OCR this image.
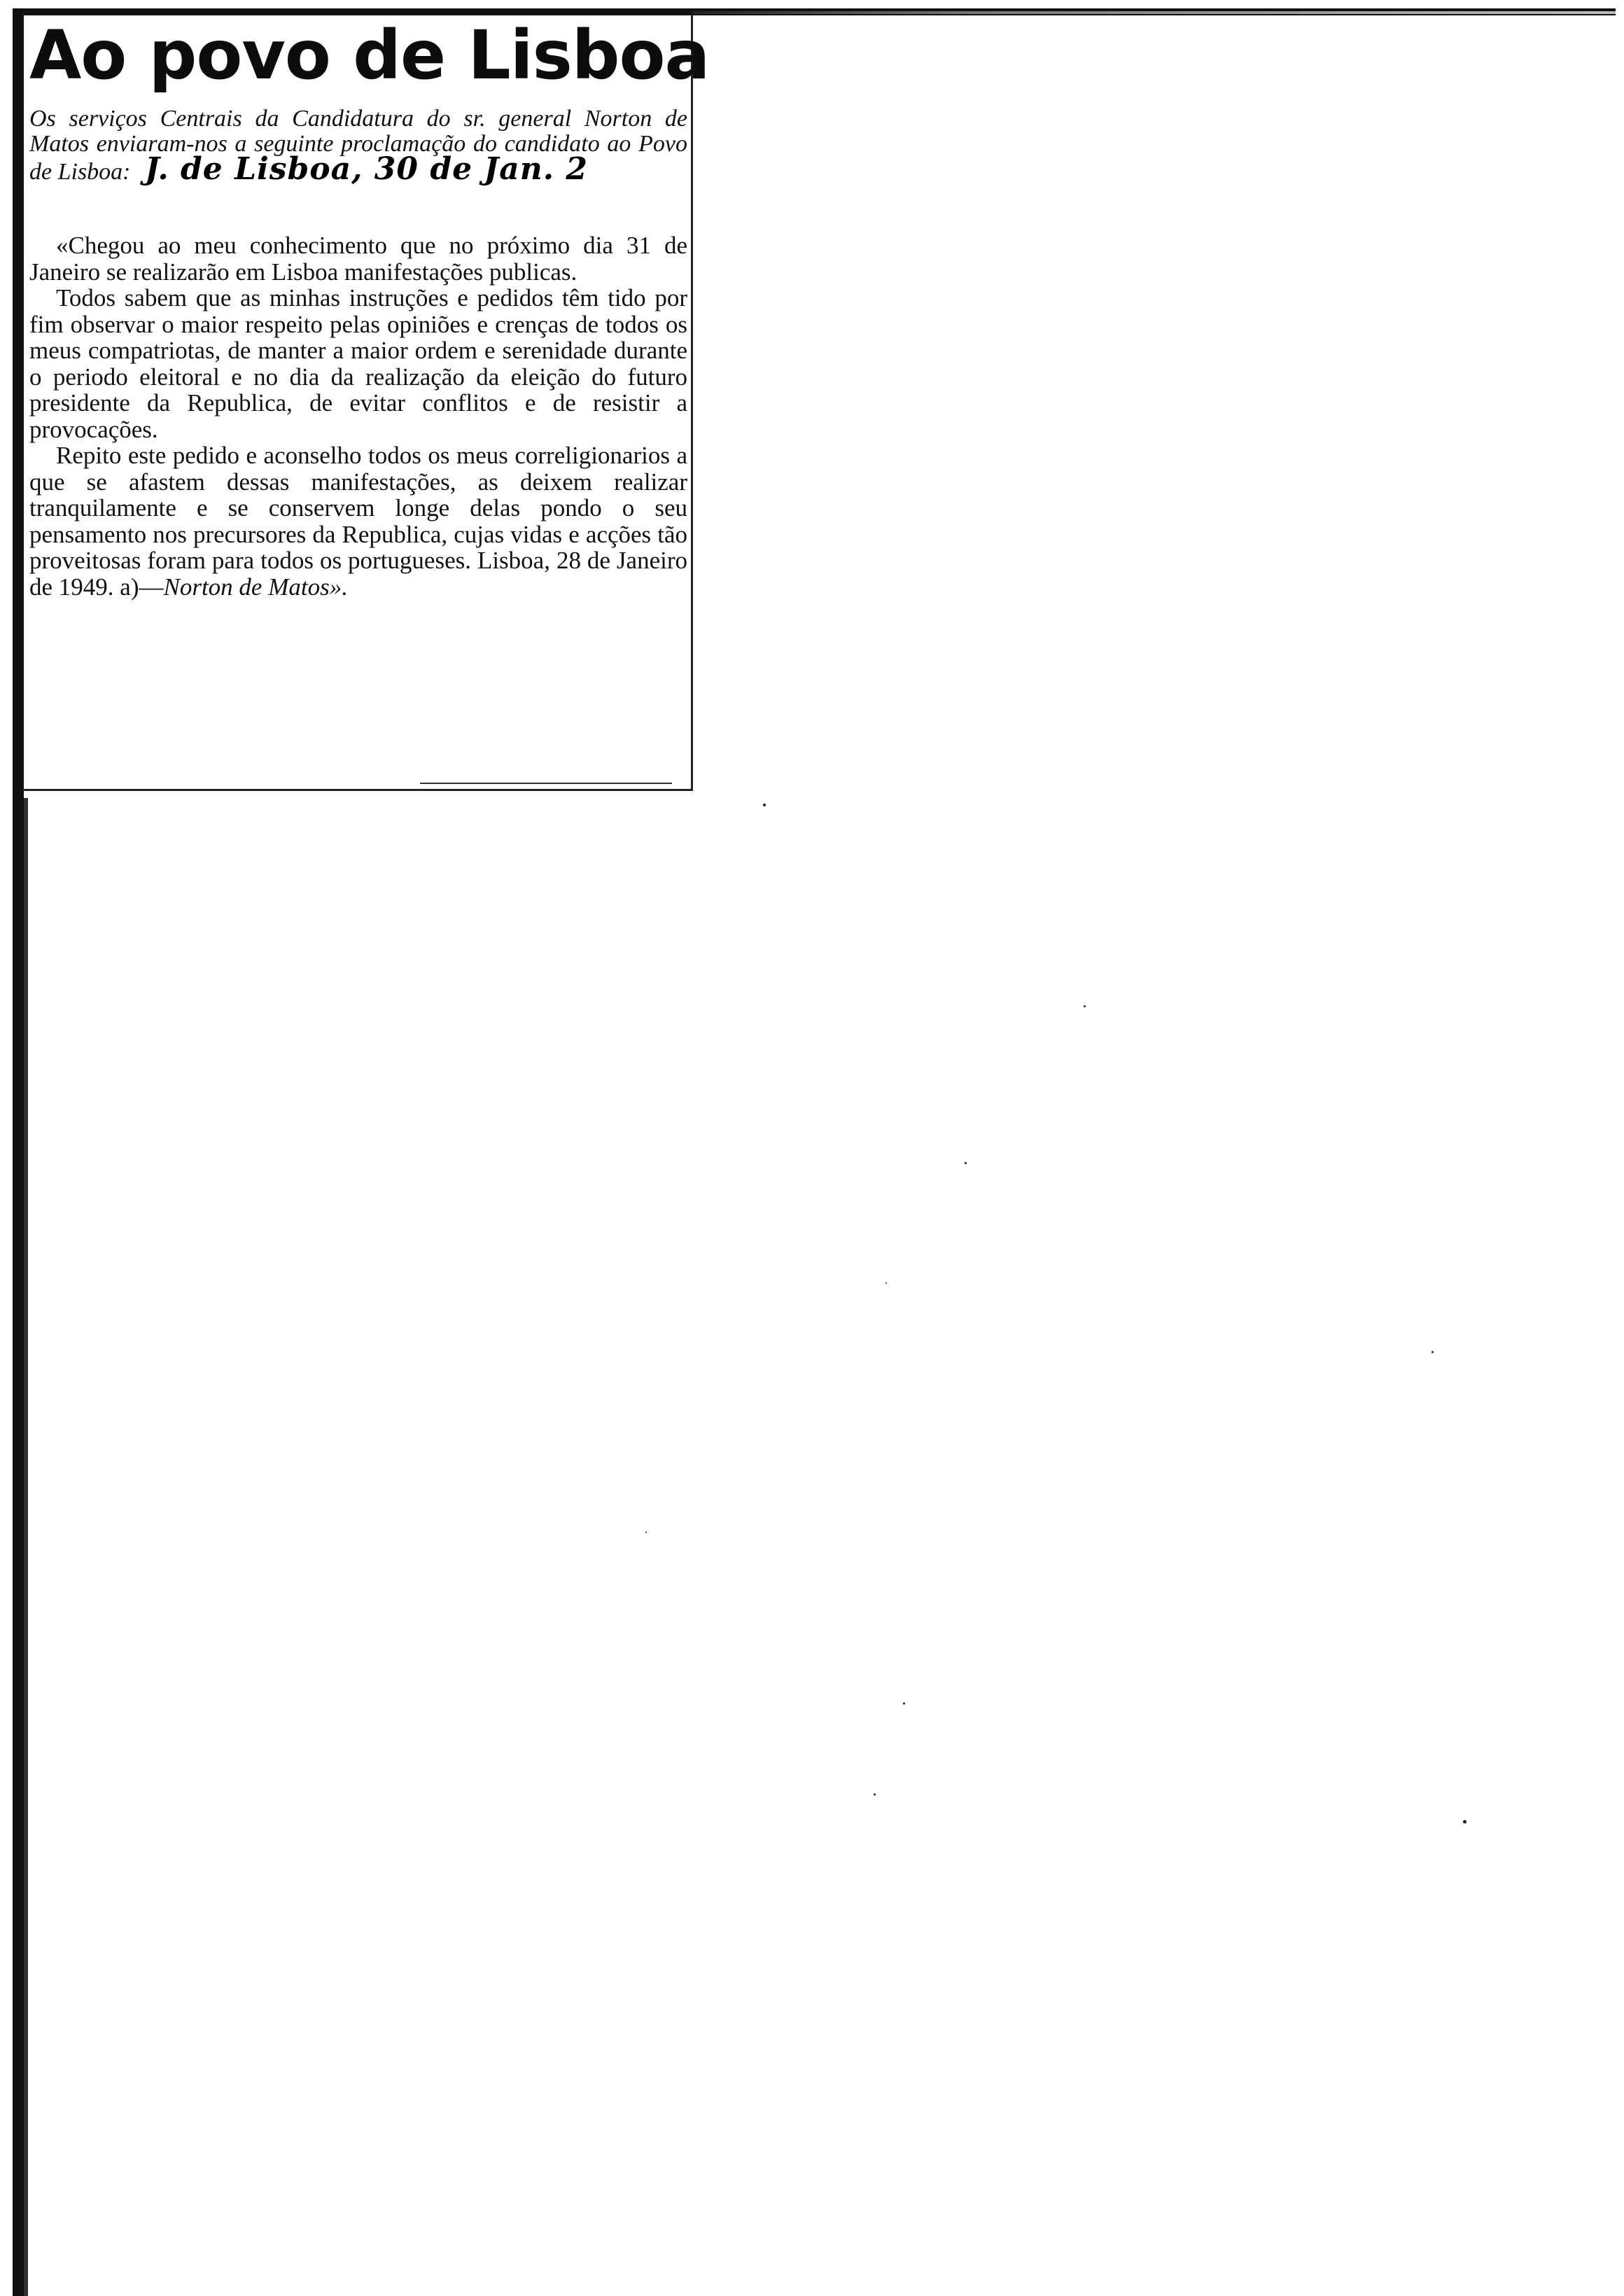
Ao povo de Lisboa
Os serviços Centrais da Candidatura do sr. general Norton de Matos enviaram-nos a seguinte proclamação do candidato ao Povo de Lisboa: J. de Lisboa, 30 de Jan. 2

«Chegou ao meu conhecimento que no próximo dia 31 de Janeiro se realizarão em Lisboa manifestações publicas.

Todos sabem que as minhas instruções e pedidos têm tido por fim observar o maior respeito pelas opiniões e crenças de todos os meus compatriotas, de manter a maior ordem e serenidade durante o periodo eleitoral e no dia da realização da eleição do futuro presidente da Republica, de evitar conflitos e de resistir a provocações.

Repito este pedido e aconselho todos os meus correligionarios a que se afastem dessas manifestações, as deixem realizar tranquilamente e se conservem longe delas pondo o seu pensamento nos precursores da Republica, cujas vidas e acções tão proveitosas foram para todos os portugueses. Lisboa, 28 de Janeiro de 1949. a)—Norton de Matos».
